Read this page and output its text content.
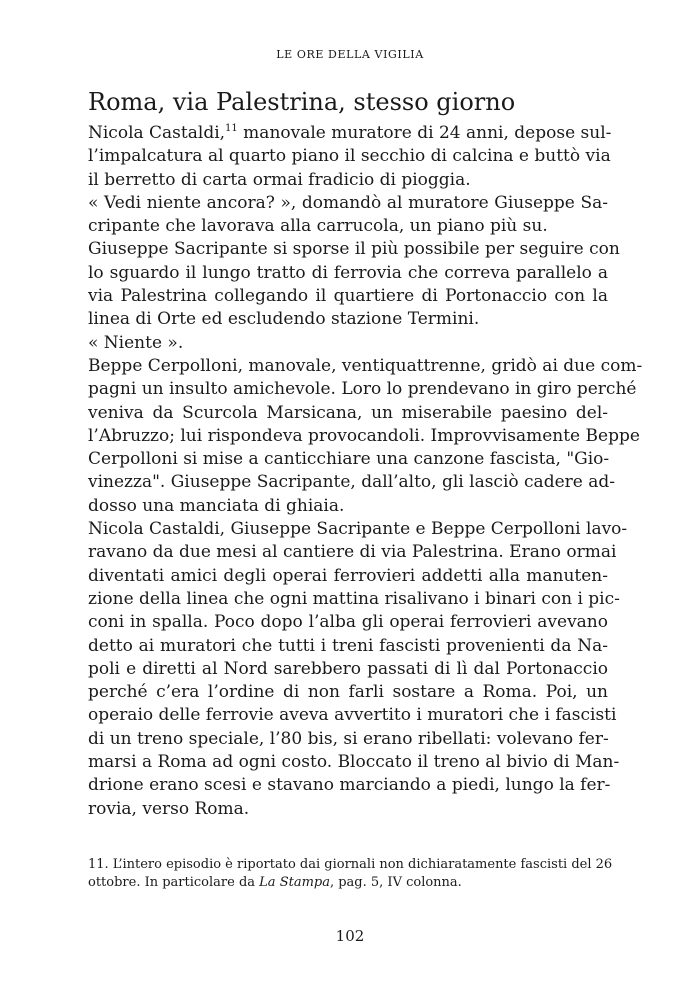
LE ORE DELLA VIGILIA
Roma, via Palestrina, stesso giorno
Nicola Castaldi,$^{11}$ manovale muratore di 24 anni, depose sul-
l’impalcatura al quarto piano il secchio di calcina e buttò via
il berretto di carta ormai fradicio di pioggia.
« Vedi niente ancora? », domandò al muratore Giuseppe Sa-
cripante che lavorava alla carrucola, un piano più su.
Giuseppe Sacripante si sporse il più possibile per seguire con
lo sguardo il lungo tratto di ferrovia che correva parallelo a
via Palestrina collegando il quartiere di Portonaccio con la
linea di Orte ed escludendo stazione Termini.
« Niente ».
Beppe Cerpolloni, manovale, ventiquattrenne, gridò ai due com-
pagni un insulto amichevole. Loro lo prendevano in giro perché
veniva da Scurcola Marsicana, un miserabile paesino del-
l’Abruzzo; lui rispondeva provocandoli. Improvvisamente Beppe
Cerpolloni si mise a canticchiare una canzone fascista, "Gio-
vinezza". Giuseppe Sacripante, dall’alto, gli lasciò cadere ad-
dosso una manciata di ghiaia.
Nicola Castaldi, Giuseppe Sacripante e Beppe Cerpolloni lavo-
ravano da due mesi al cantiere di via Palestrina. Erano ormai
diventati amici degli operai ferrovieri addetti alla manuten-
zione della linea che ogni mattina risalivano i binari con i pic-
coni in spalla. Poco dopo l’alba gli operai ferrovieri avevano
detto ai muratori che tutti i treni fascisti provenienti da Na-
poli e diretti al Nord sarebbero passati di lì dal Portonaccio
perché c’era l’ordine di non farli sostare a Roma. Poi, un
operaio delle ferrovie aveva avvertito i muratori che i fascisti
di un treno speciale, l’80 bis, si erano ribellati: volevano fer-
marsi a Roma ad ogni costo. Bloccato il treno al bivio di Man-
drione erano scesi e stavano marciando a piedi, lungo la fer-
rovia, verso Roma.
11. L’intero episodio è riportato dai giornali non dichiaratamente fascisti del 26
ottobre. In particolare da La Stampa, pag. 5, IV colonna.
102
